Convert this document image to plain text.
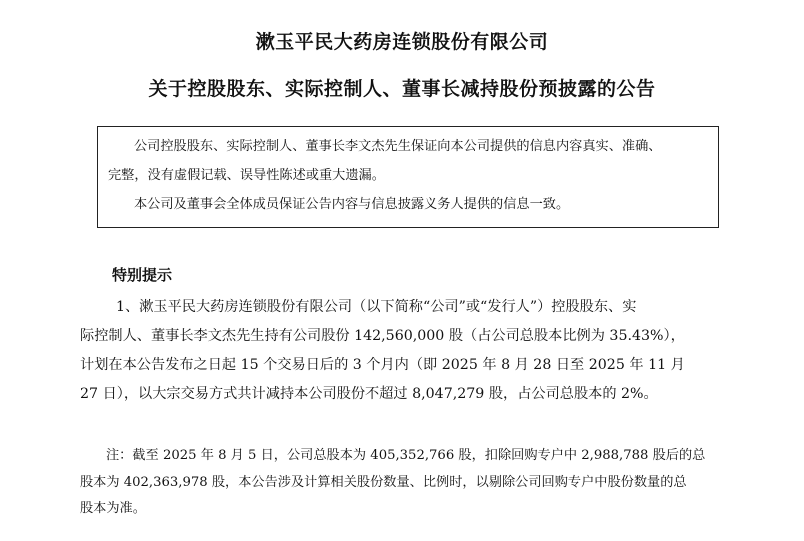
漱玉平民大药房连锁股份有限公司
关于控股股东、实际控制人、董事长减持股份预披露的公告

公司控股股东、实际控制人、董事长李文杰先生保证向本公司提供的信息内容真实、准确、

完整，没有虚假记载、误导性陈述或重大遗漏。

本公司及董事会全体成员保证公告内容与信息披露义务人提供的信息一致。

特别提示

1、漱玉平民大药房连锁股份有限公司（以下简称“公司”或“发行人”）控股股东、实

际控制人、董事长李文杰先生持有公司股份 142,560,000 股（占公司总股本比例为 35.43%），

计划在本公告发布之日起 15 个交易日后的 3 个月内（即 2025 年 8 月 28 日至 2025 年 11 月

27 日），以大宗交易方式共计减持本公司股份不超过 8,047,279 股，占公司总股本的 2%。

注：截至 2025 年 8 月 5 日，公司总股本为 405,352,766 股，扣除回购专户中 2,988,788 股后的总

股本为 402,363,978 股，本公告涉及计算相关股份数量、比例时，以剔除公司回购专户中股份数量的总

股本为准。
